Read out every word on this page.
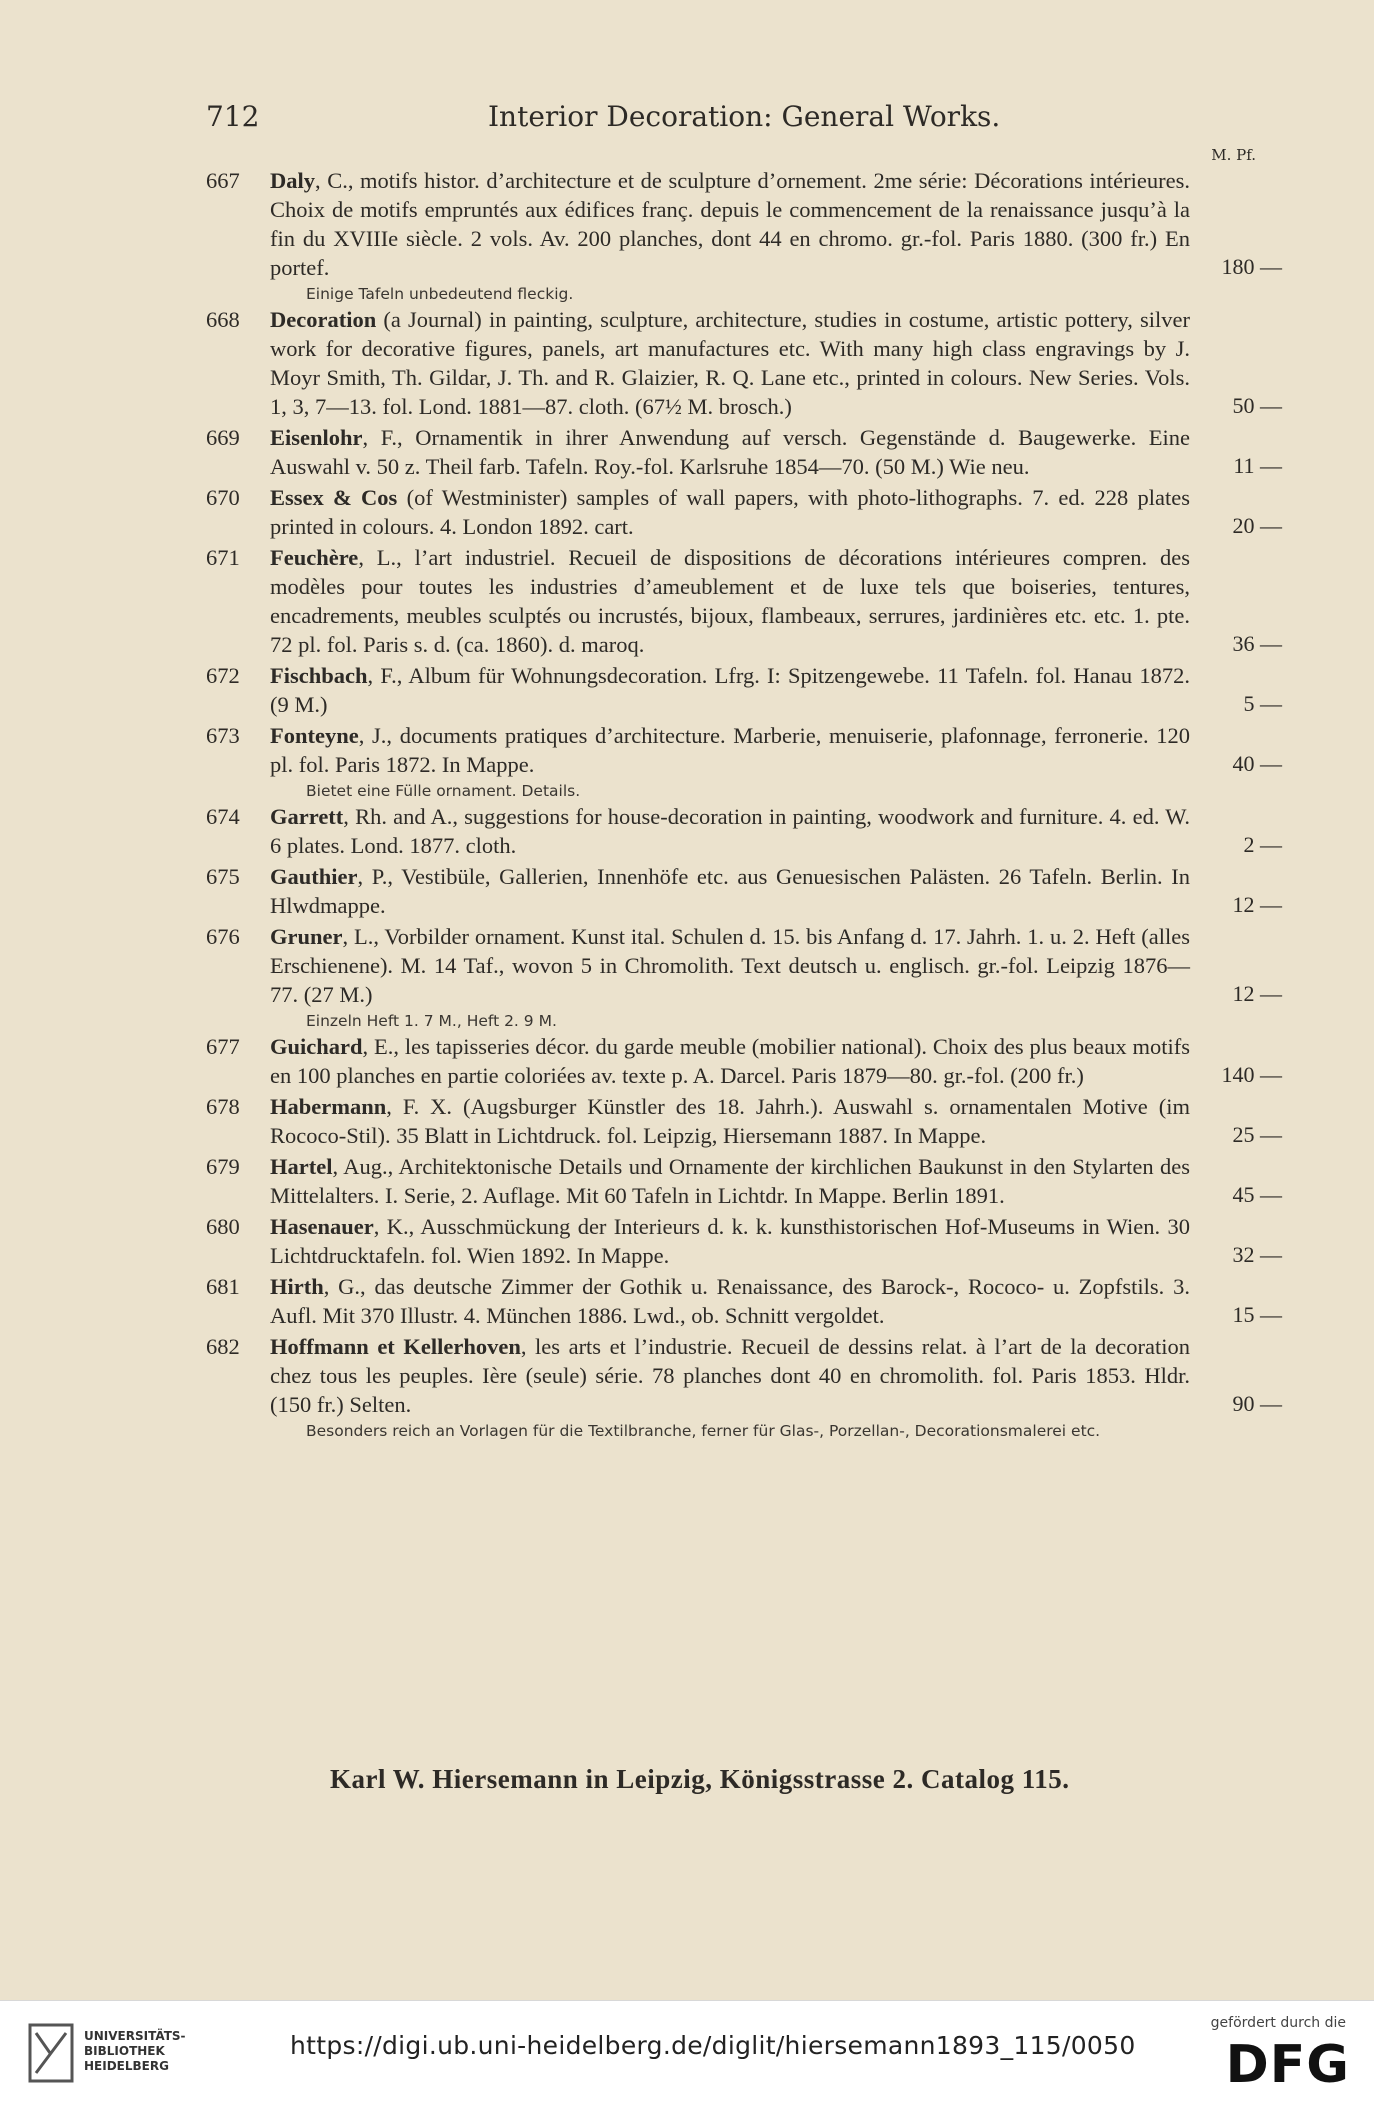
712	Interior Decoration: General Works.
M. Pf.
667 Daly, C., motifs histor. d’architecture et de sculpture d’ornement. 2me série: Décorations intérieures. Choix de motifs empruntés aux édifices franç. depuis le commencement de la renaissance jusqu’à la fin du XVIIIe siècle. 2 vols. Av. 200 planches, dont 44 en chromo. gr.-fol. Paris 1880. (300 fr.) En portef.	180 —
Einige Tafeln unbedeutend fleckig.
668 Decoration (a Journal) in painting, sculpture, architecture, studies in costume, artistic pottery, silver work for decorative figures, panels, art manufactures etc. With many high class engravings by J. Moyr Smith, Th. Gildar, J. Th. and R. Glaizier, R. Q. Lane etc., printed in colours. New Series. Vols. 1, 3, 7—13. fol. Lond. 1881—87. cloth. (67½ M. brosch.)	50 —
669 Eisenlohr, F., Ornamentik in ihrer Anwendung auf versch. Gegenstände d. Baugewerke. Eine Auswahl v. 50 z. Theil farb. Tafeln. Roy.-fol. Karlsruhe 1854—70. (50 M.) Wie neu.	11 —
670 Essex & Cos (of Westminister) samples of wall papers, with photo-lithographs. 7. ed. 228 plates printed in colours. 4. London 1892. cart.	20 —
671 Feuchère, L., l’art industriel. Recueil de dispositions de décorations intérieures compren. des modèles pour toutes les industries d’ameublement et de luxe tels que boiseries, tentures, encadrements, meubles sculptés ou incrustés, bijoux, flambeaux, serrures, jardinières etc. etc. 1. pte. 72 pl. fol. Paris s. d. (ca. 1860). d. maroq.	36 —
672 Fischbach, F., Album für Wohnungsdecoration. Lfrg. I: Spitzengewebe. 11 Tafeln. fol. Hanau 1872. (9 M.)	5 —
673 Fonteyne, J., documents pratiques d’architecture. Marberie, menuiserie, plafonnage, ferronerie. 120 pl. fol. Paris 1872. In Mappe.	40 —
Bietet eine Fülle ornament. Details.
674 Garrett, Rh. and A., suggestions for house-decoration in painting, woodwork and furniture. 4. ed. W. 6 plates. Lond. 1877. cloth.	2 —
675 Gauthier, P., Vestibüle, Gallerien, Innenhöfe etc. aus Genuesischen Palästen. 26 Tafeln. Berlin. In Hlwdmappe.	12 —
676 Gruner, L., Vorbilder ornament. Kunst ital. Schulen d. 15. bis Anfang d. 17. Jahrh. 1. u. 2. Heft (alles Erschienene). M. 14 Taf., wovon 5 in Chromolith. Text deutsch u. englisch. gr.-fol. Leipzig 1876—77. (27 M.)	12 —
Einzeln Heft 1. 7 M., Heft 2. 9 M.
677 Guichard, E., les tapisseries décor. du garde meuble (mobilier national). Choix des plus beaux motifs en 100 planches en partie coloriées av. texte p. A. Darcel. Paris 1879—80. gr.-fol. (200 fr.)	140 —
678 Habermann, F. X. (Augsburger Künstler des 18. Jahrh.). Auswahl s. ornamentalen Motive (im Rococo-Stil). 35 Blatt in Lichtdruck. fol. Leipzig, Hiersemann 1887. In Mappe.	25 —
679 Hartel, Aug., Architektonische Details und Ornamente der kirchlichen Baukunst in den Stylarten des Mittelalters. I. Serie, 2. Auflage. Mit 60 Tafeln in Lichtdr. In Mappe. Berlin 1891.	45 —
680 Hasenauer, K., Ausschmückung der Interieurs d. k. k. kunsthistorischen Hof-Museums in Wien. 30 Lichtdrucktafeln. fol. Wien 1892. In Mappe.	32 —
681 Hirth, G., das deutsche Zimmer der Gothik u. Renaissance, des Barock-, Rococo- u. Zopfstils. 3. Aufl. Mit 370 Illustr. 4. München 1886. Lwd., ob. Schnitt vergoldet.	15 —
682 Hoffmann et Kellerhoven, les arts et l’industrie. Recueil de dessins relat. à l’art de la decoration chez tous les peuples. Ière (seule) série. 78 planches dont 40 en chromolith. fol. Paris 1853. Hldr. (150 fr.) Selten.	90 —
Besonders reich an Vorlagen für die Textilbranche, ferner für Glas-, Porzellan-, Decorationsmalerei etc.
Karl W. Hiersemann in Leipzig, Königsstrasse 2. Catalog 115.
UNIVERSITÄTS-
BIBLIOTHEK
HEIDELBERG
https://digi.ub.uni-heidelberg.de/diglit/hiersemann1893_115/0050
gefördert durch die
DFG
